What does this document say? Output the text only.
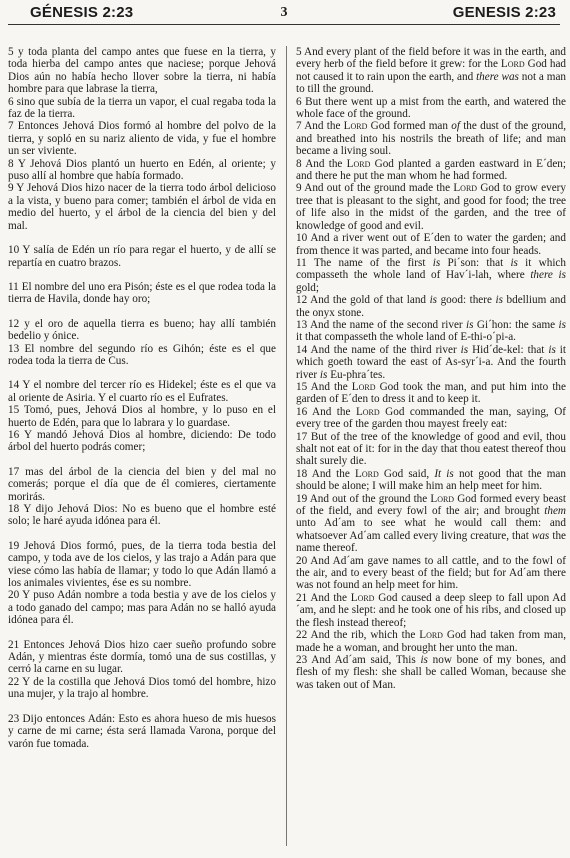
GÉNESIS 2:23	3	GENESIS 2:23

5 y toda planta del campo antes que fuese en la tierra, y toda hierba del campo antes que naciese; porque Jehová Dios aún no había hecho llover sobre la tierra, ni había hombre para que labrase la tierra,

6 sino que subía de la tierra un vapor, el cual regaba toda la faz de la tierra.

7 Entonces Jehová Dios formó al hombre del polvo de la tierra, y sopló en su nariz aliento de vida, y fue el hombre un ser viviente.

8 Y Jehová Dios plantó un huerto en Edén, al oriente; y puso allí al hombre que había formado.

9 Y Jehová Dios hizo nacer de la tierra todo árbol delicioso a la vista, y bueno para comer; también el árbol de vida en medio del huerto, y el árbol de la ciencia del bien y del mal.

10 Y salía de Edén un río para regar el huerto, y de allí se repartía en cuatro brazos.

11 El nombre del uno era Pisón; éste es el que rodea toda la tierra de Havila, donde hay oro;

12 y el oro de aquella tierra es bueno; hay allí también bedelio y ónice.

13 El nombre del segundo río es Gihón; éste es el que rodea toda la tierra de Cus.

14 Y el nombre del tercer río es Hidekel; éste es el que va al oriente de Asiria. Y el cuarto río es el Eufrates.

15 Tomó, pues, Jehová Dios al hombre, y lo puso en el huerto de Edén, para que lo labrara y lo guardase.

16 Y mandó Jehová Dios al hombre, diciendo: De todo árbol del huerto podrás comer;

17 mas del árbol de la ciencia del bien y del mal no comerás; porque el día que de él comieres, ciertamente morirás.

18 Y dijo Jehová Dios: No es bueno que el hombre esté solo; le haré ayuda idónea para él.

19 Jehová Dios formó, pues, de la tierra toda bestia del campo, y toda ave de los cielos, y las trajo a Adán para que viese cómo las había de llamar; y todo lo que Adán llamó a los animales vivientes, ése es su nombre.

20 Y puso Adán nombre a toda bestia y ave de los cielos y a todo ganado del campo; mas para Adán no se halló ayuda idónea para él.

21 Entonces Jehová Dios hizo caer sueño profundo sobre Adán, y mientras éste dormía, tomó una de sus costillas, y cerró la carne en su lugar.

22 Y de la costilla que Jehová Dios tomó del hombre, hizo una mujer, y la trajo al hombre.

23 Dijo entonces Adán: Esto es ahora hueso de mis huesos y carne de mi carne; ésta será llamada Varona, porque del varón fue tomada.

5 And every plant of the field before it was in the earth, and every herb of the field before it grew: for the Lord God had not caused it to rain upon the earth, and there was not a man to till the ground.

6 But there went up a mist from the earth, and watered the whole face of the ground.

7 And the Lord God formed man of the dust of the ground, and breathed into his nostrils the breath of life; and man became a living soul.

8 And the Lord God planted a garden eastward in E´den; and there he put the man whom he had formed.

9 And out of the ground made the Lord God to grow every tree that is pleasant to the sight, and good for food; the tree of life also in the midst of the garden, and the tree of knowledge of good and evil.

10 And a river went out of E´den to water the garden; and from thence it was parted, and became into four heads.

11 The name of the first is Pi´son: that is it which compasseth the whole land of Hav´i-lah, where there is gold;

12 And the gold of that land is good: there is bdellium and the onyx stone.

13 And the name of the second river is Gi´hon: the same is it that compasseth the whole land of E-thi-o´pi-a.

14 And the name of the third river is Hid´de-kel: that is it which goeth toward the east of As-syr´i-a. And the fourth river is Eu-phra´tes.

15 And the Lord God took the man, and put him into the garden of E´den to dress it and to keep it.

16 And the Lord God commanded the man, saying, Of every tree of the garden thou mayest freely eat:

17 But of the tree of the knowledge of good and evil, thou shalt not eat of it: for in the day that thou eatest thereof thou shalt surely die.

18 And the Lord God said, It is not good that the man should be alone; I will make him an help meet for him.

19 And out of the ground the Lord God formed every beast of the field, and every fowl of the air; and brought them unto Ad´am to see what he would call them: and whatsoever Ad´am called every living creature, that was the name thereof.

20 And Ad´am gave names to all cattle, and to the fowl of the air, and to every beast of the field; but for Ad´am there was not found an help meet for him.

21 And the Lord God caused a deep sleep to fall upon Ad´am, and he slept: and he took one of his ribs, and closed up the flesh instead thereof;

22 And the rib, which the Lord God had taken from man, made he a woman, and brought her unto the man.

23 And Ad´am said, This is now bone of my bones, and flesh of my flesh: she shall be called Woman, because she was taken out of Man.
